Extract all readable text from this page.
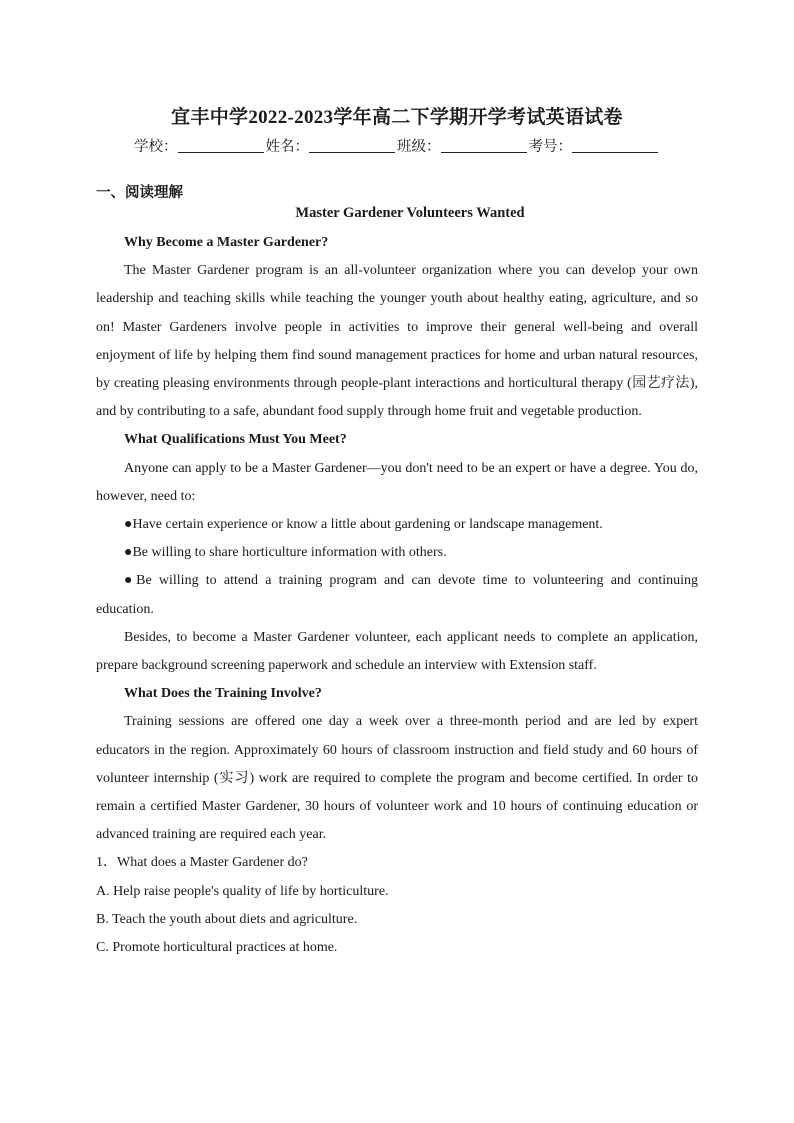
宜丰中学2022-2023学年高二下学期开学考试英语试卷
学校：	姓名：	班级：	考号：
一、阅读理解
Master Gardener Volunteers Wanted

Why Become a Master Gardener?

The Master Gardener program is an all-volunteer organization where you can develop your own leadership and teaching skills while teaching the younger youth about healthy eating, agriculture, and so on! Master Gardeners involve people in activities to improve their general well-being and overall enjoyment of life by helping them find sound management practices for home and urban natural resources, by creating pleasing environments through people-plant interactions and horticultural therapy (园艺疗法), and by contributing to a safe, abundant food supply through home fruit and vegetable production.

What Qualifications Must You Meet?

Anyone can apply to be a Master Gardener—you don't need to be an expert or have a degree. You do, however, need to:

●Have certain experience or know a little about gardening or landscape management.

●Be willing to share horticulture information with others.

●Be willing to attend a training program and can devote time to volunteering and continuing education.

Besides, to become a Master Gardener volunteer, each applicant needs to complete an application, prepare background screening paperwork and schedule an interview with Extension staff.

What Does the Training Involve?

Training sessions are offered one day a week over a three-month period and are led by expert educators in the region. Approximately 60 hours of classroom instruction and field study and 60 hours of volunteer internship (实习) work are required to complete the program and become certified. In order to remain a certified Master Gardener, 30 hours of volunteer work and 10 hours of continuing education or advanced training are required each year.

1．What does a Master Gardener do?

A. Help raise people's quality of life by horticulture.

B. Teach the youth about diets and agriculture.

C. Promote horticultural practices at home.
